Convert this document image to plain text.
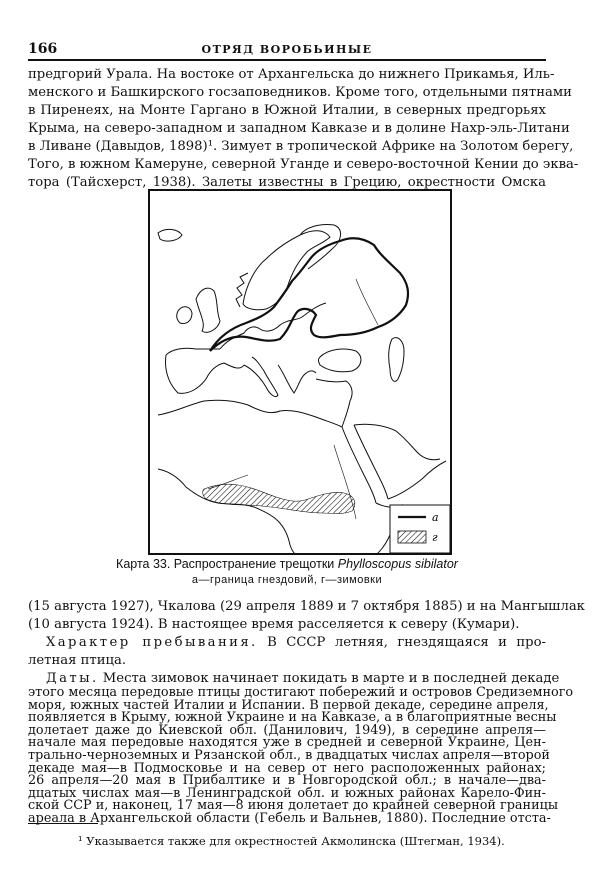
166	ОТРЯД ВОРОБЬИНЫЕ
предгорий Урала. На востоке от Архангельска до нижнего Прикамья, Иль-
менского и Башкирского госзаповедников. Кроме того, отдельными пятнами
в Пиренеях, на Монте Гаргано в Южной Италии, в северных предгорьях
Крыма, на северо-западном и западном Кавказе и в долине Нахр-эль-Литани
в Ливане (Давыдов, 1898)¹. Зимует в тропической Африке на Золотом берегу,
Того, в южном Камеруне, северной Уганде и северо-восточной Кении до эква-
тора (Тайсхерст, 1938). Залеты известны в Грецию, окрестности Омска
а
г
Карта 33. Распространение трещотки Phylloscopus sibilator
а—граница гнездовий, г—зимовки
(15 августа 1927), Чкалова (29 апреля 1889 и 7 октября 1885) и на Мангышлак
(10 августа 1924). В настоящее время расселяется к северу (Кумари).
Характер пребывания. В СССР летняя, гнездящаяся и про-
летная птица.
Даты. Места зимовок начинает покидать в марте и в последней декаде
этого месяца передовые птицы достигают побережий и островов Средиземного
моря, южных частей Италии и Испании. В первой декаде, середине апреля,
появляется в Крыму, южной Украине и на Кавказе, а в благоприятные весны
долетает даже до Киевской обл. (Данилович, 1949), в середине апреля—
начале мая передовые находятся уже в средней и северной Украине, Цен-
трально-черноземных и Рязанской обл., в двадцатых числах апреля—второй
декаде мая—в Подмосковье и на север от него расположенных районах;
¹ Указывается также для окрестностей Акмолинска (Штегман, 1934).
26 апреля—20 мая в Прибалтике и в Новгородской обл.; в начале—два-
дцатых числах мая—в Ленинградской обл. и южных районах Карело-Фин-
ской ССР и, наконец, 17 мая—8 июня долетает до крайней северной границы
ареала в Архангельской области (Гебель и Вальнев, 1880). Последние отста-
